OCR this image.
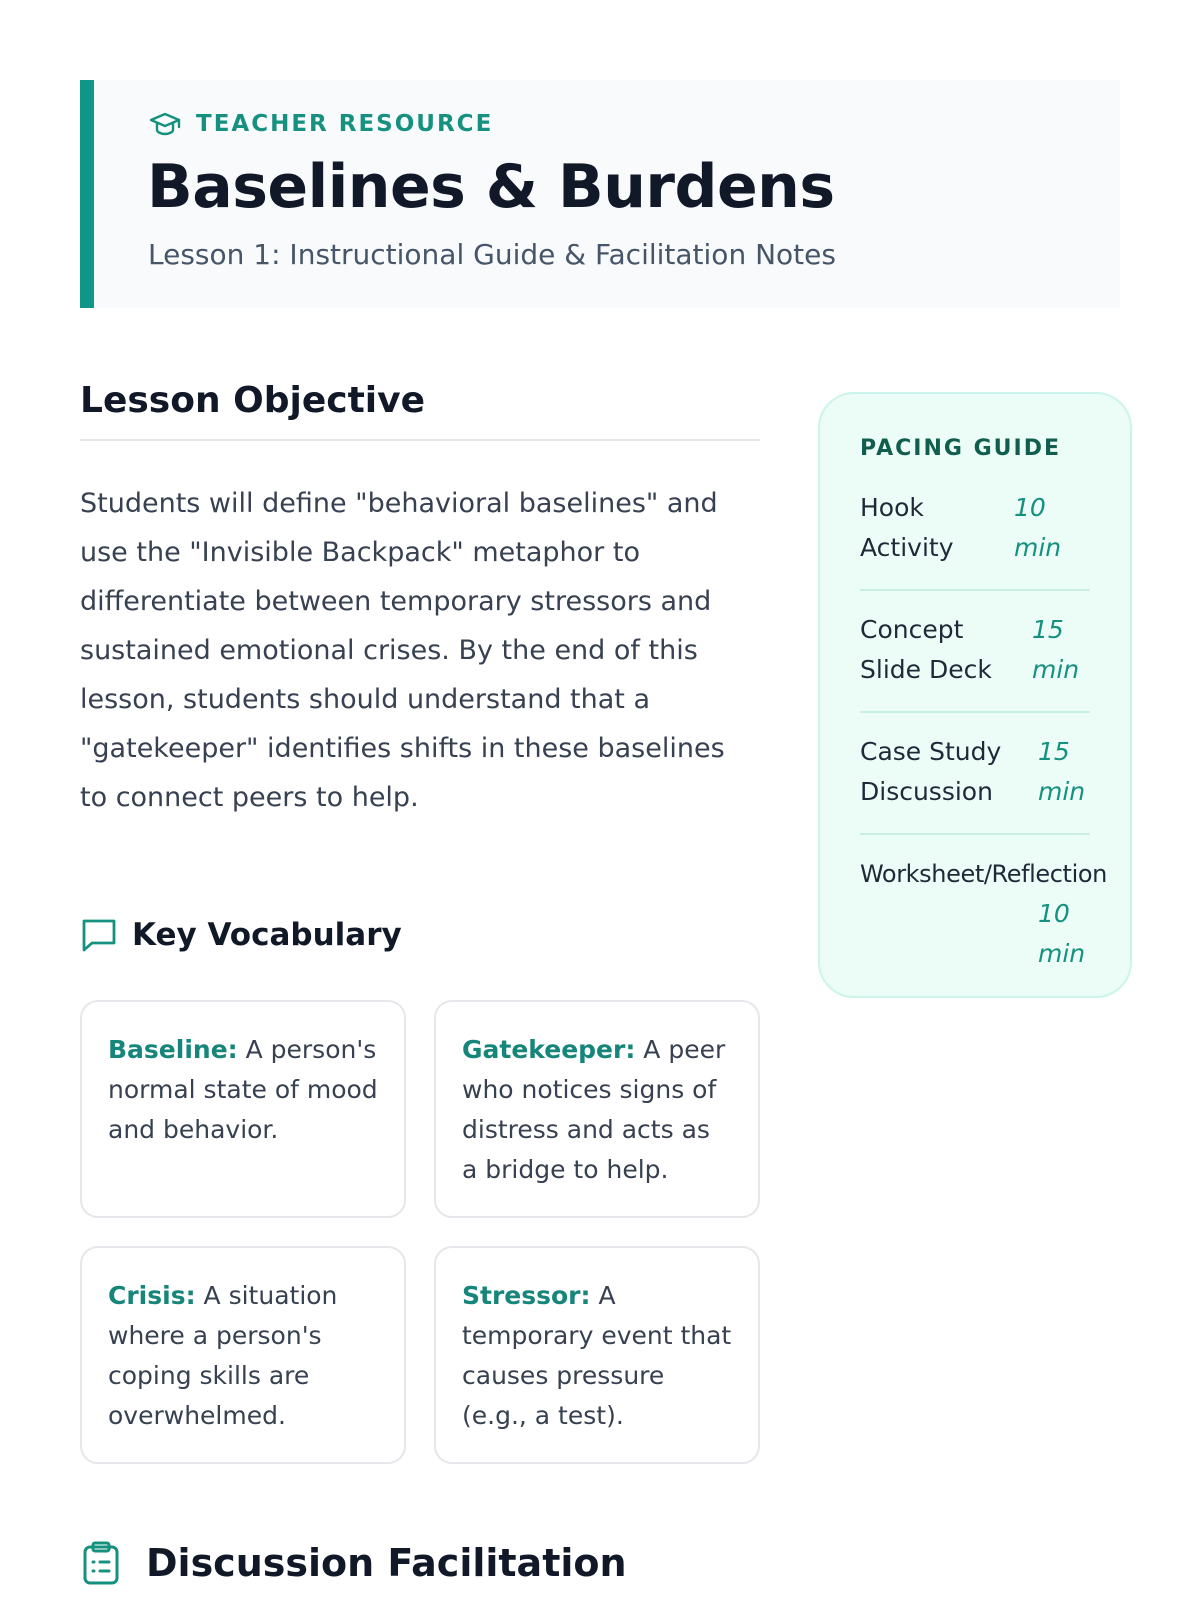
TEACHER RESOURCE
Baselines & Burdens

Lesson 1: Instructional Guide & Facilitation Notes

Lesson Objective

Students will define "behavioral baselines" and use the "Invisible Backpack" metaphor to differentiate between temporary stressors and sustained emotional crises. By the end of this lesson, students should understand that a "gatekeeper" identifies shifts in these baselines to connect peers to help.

Key Vocabulary
Baseline: A person's normal state of mood and behavior.
Gatekeeper: A peer who notices signs of distress and acts as a bridge to help.
Crisis: A situation where a person's coping skills are overwhelmed.
Stressor: A temporary event that causes pressure (e.g., a test).
Discussion Facilitation
PACING GUIDE
Hook
Activity
10
min
Concept
Slide Deck
15
min
Case Study
Discussion
15
min
Worksheet/Reflection
10
min
